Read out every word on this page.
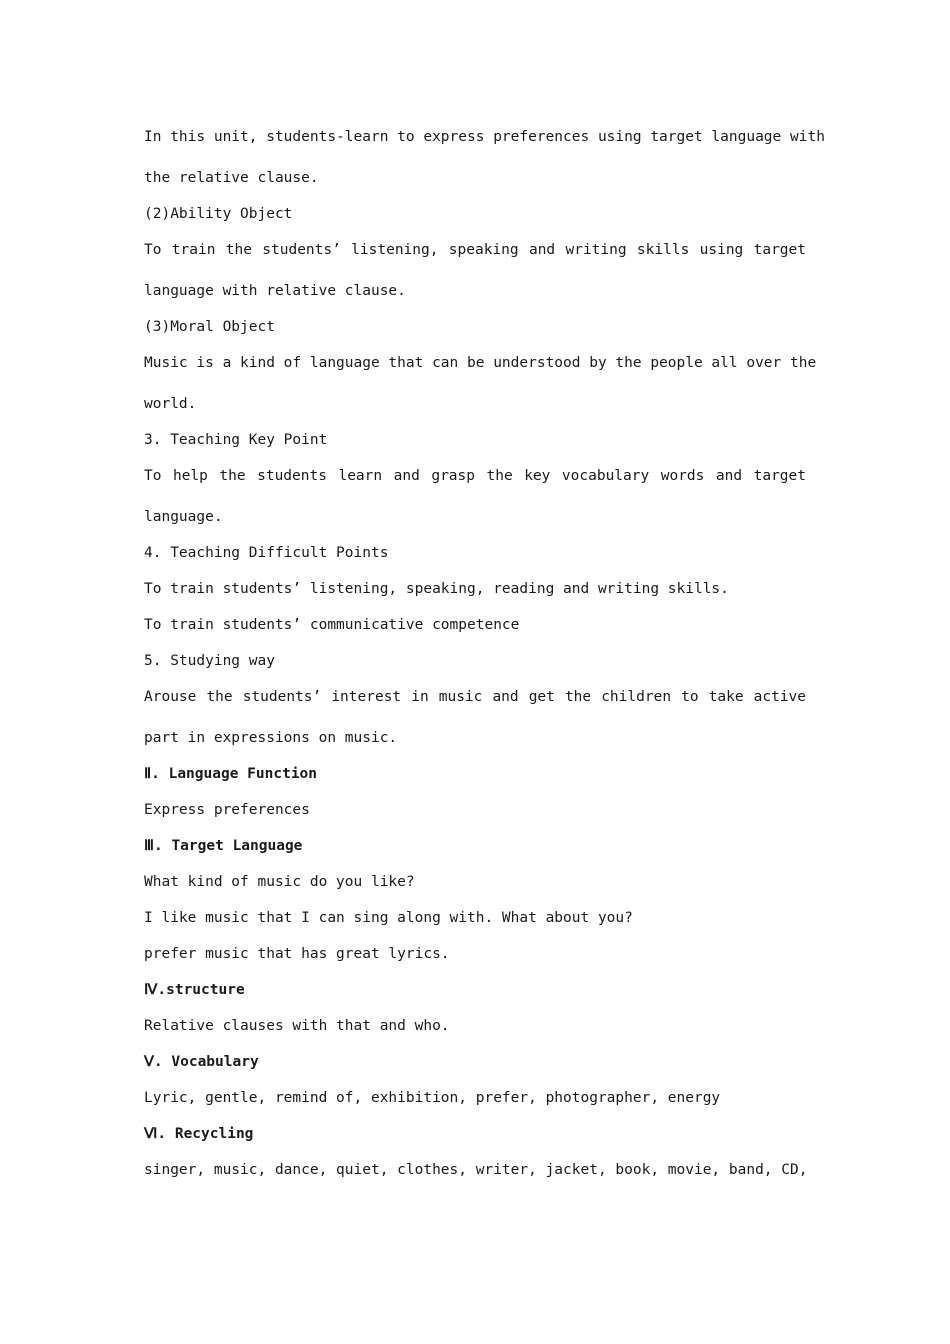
In this unit, students-learn to express preferences using target language with
the relative clause.
(2)Ability Object
To train the students’ listening, speaking and writing skills using target
language with relative clause.
(3)Moral Object
Music is a kind of language that can be understood by the people all over the
world.
3. Teaching Key Point
To help the students learn and grasp the key vocabulary words and target
language.
4. Teaching Difficult Points
To train students’ listening, speaking, reading and writing skills.
To train students’ communicative competence
5. Studying way
Arouse the students’ interest in music and get the children to take active
part in expressions on music.
Ⅱ. Language Function
Express preferences
Ⅲ. Target Language
What kind of music do you like?
I like music that I can sing along with. What about you?
prefer music that has great lyrics.
Ⅳ.structure
Relative clauses with that and who.
Ⅴ. Vocabulary
Lyric, gentle, remind of, exhibition, prefer, photographer, energy
Ⅵ. Recycling
singer, music, dance, quiet, clothes, writer, jacket, book, movie, band, CD,
